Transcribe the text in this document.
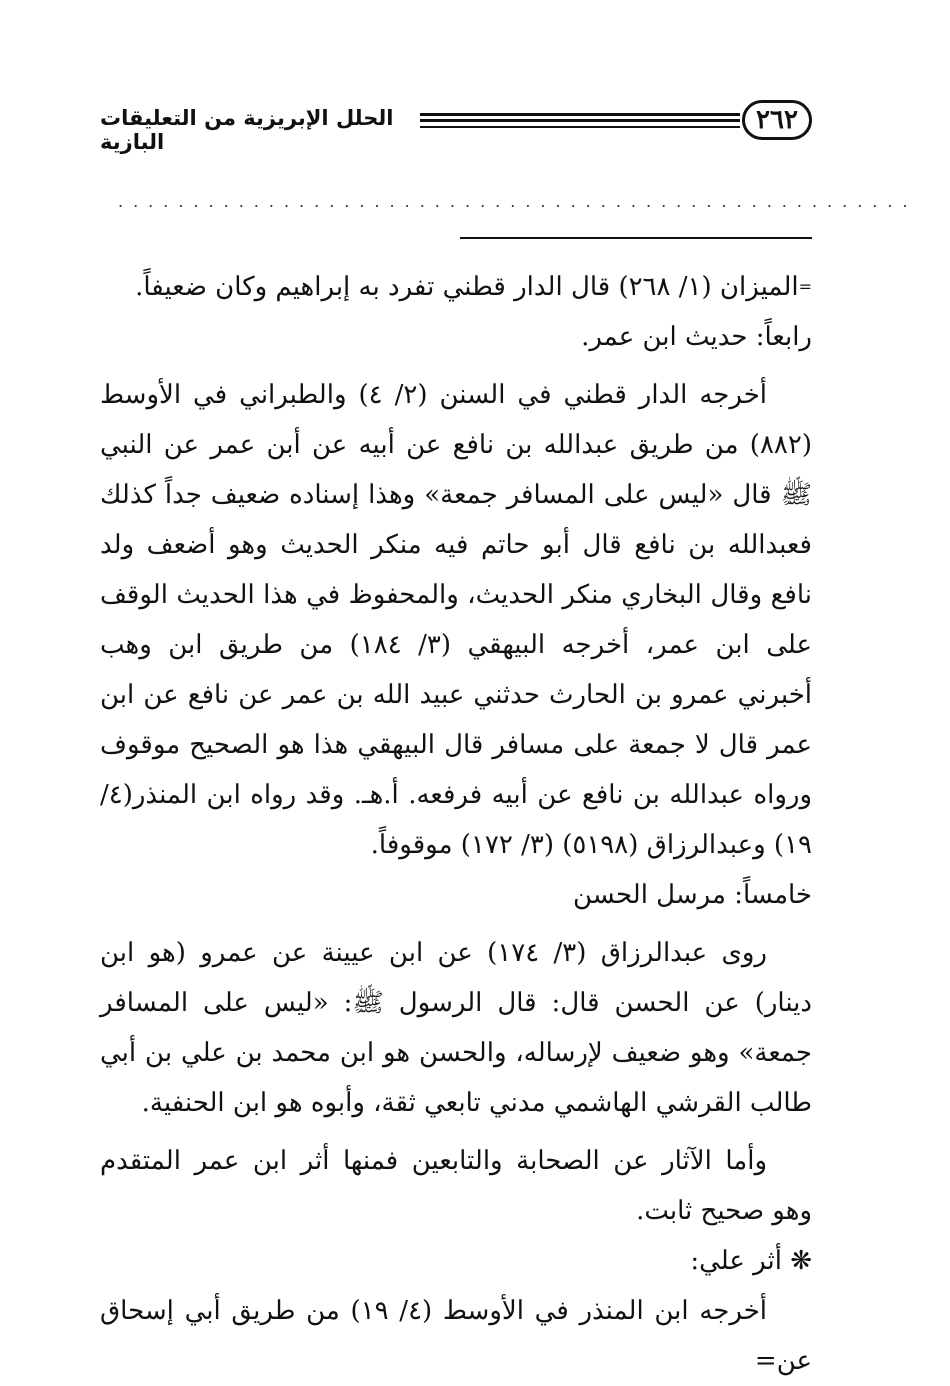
٢٦٢
الحلل الإبريزية من التعليقات البازية
.....................................................

=الميزان (١/ ٢٦٨) قال الدار قطني تفرد به إبراهيم وكان ضعيفاً.

رابعاً: حديث ابن عمر.

أخرجه الدار قطني في السنن (٢/ ٤) والطبراني في الأوسط (٨٨٢) من طريق عبدالله بن نافع عن أبيه عن أبن عمر عن النبي ﷺ قال «ليس على المسافر جمعة» وهذا إسناده ضعيف جداً كذلك فعبدالله بن نافع قال أبو حاتم فيه منكر الحديث وهو أضعف ولد نافع وقال البخاري منكر الحديث، والمحفوظ في هذا الحديث الوقف على ابن عمر، أخرجه البيهقي (٣/ ١٨٤) من طريق ابن وهب أخبرني عمرو بن الحارث حدثني عبيد الله بن عمر عن نافع عن ابن عمر قال لا جمعة على مسافر قال البيهقي هذا هو الصحيح موقوف ورواه عبدالله بن نافع عن أبيه فرفعه. أ.هـ. وقد رواه ابن المنذر(٤/ ١٩) وعبدالرزاق (٥١٩٨) (٣/ ١٧٢) موقوفاً.

خامساً: مرسل الحسن

روى عبدالرزاق (٣/ ١٧٤) عن ابن عيينة عن عمرو (هو ابن دينار) عن الحسن قال: قال الرسول ﷺ: «ليس على المسافر جمعة» وهو ضعيف لإرساله، والحسن هو ابن محمد بن علي بن أبي طالب القرشي الهاشمي مدني تابعي ثقة، وأبوه هو ابن الحنفية.

وأما الآثار عن الصحابة والتابعين فمنها أثر ابن عمر المتقدم وهو صحيح ثابت.

❋ أثر علي:

أخرجه ابن المنذر في الأوسط (٤/ ١٩) من طريق أبي إسحاق عن=
